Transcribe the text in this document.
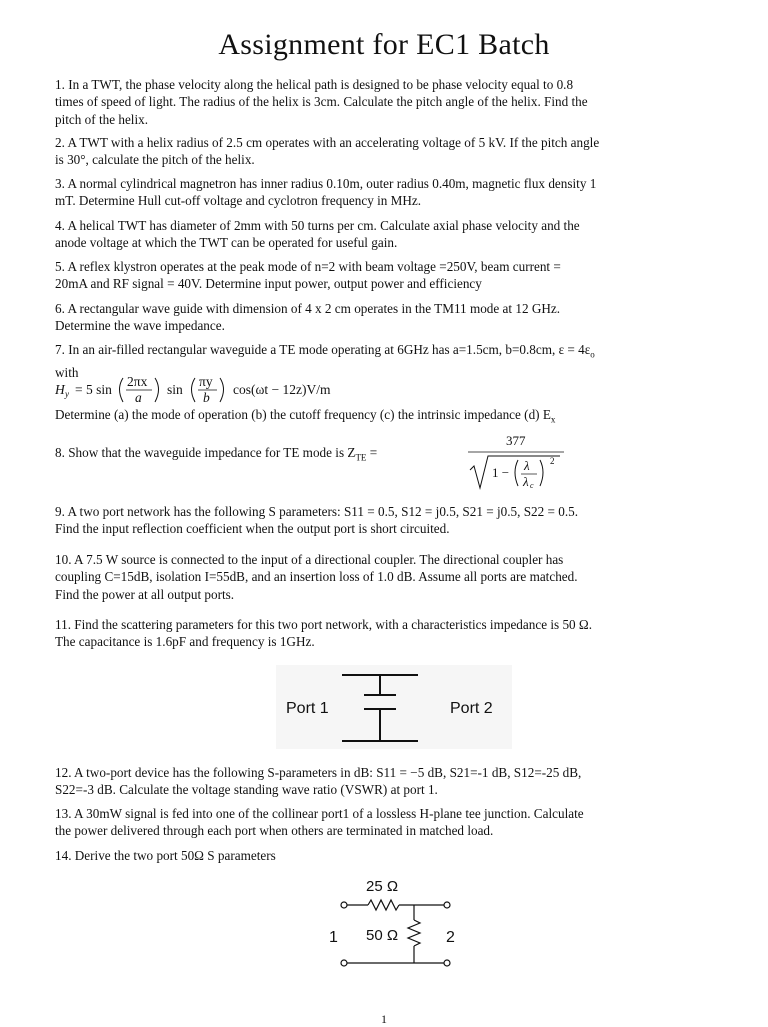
Assignment for EC1 Batch

1. In a TWT, the phase velocity along the helical path is designed to be phase velocity equal to 0.8
times of speed of light. The radius of the helix is 3cm. Calculate the pitch angle of the helix. Find the
pitch of the helix.

2. A TWT with a helix radius of 2.5 cm operates with an accelerating voltage of 5 kV. If the pitch angle
is 30°, calculate the pitch of the helix.

3. A normal cylindrical magnetron has inner radius 0.10m, outer radius 0.40m, magnetic flux density 1
mT. Determine Hull cut-off voltage and cyclotron frequency in MHz.

4. A helical TWT has diameter of 2mm with 50 turns per cm. Calculate axial phase velocity and the
anode voltage at which the TWT can be operated for useful gain.

5. A reflex klystron operates at the peak mode of n=2 with beam voltage =250V, beam current =
20mA and RF signal = 40V. Determine input power, output power and efficiency

6. A rectangular wave guide with dimension of 4 x 2 cm operates in the TM11 mode at 12 GHz.
Determine the wave impedance.

7. In an air-filled rectangular waveguide a TE mode operating at 6GHz has a=1.5cm, b=0.8cm, $\varepsilon = 4\varepsilon_o$
with

H y = 5 sin
2πx
a
sin
πy
b
cos(ωt − 12z)V/m

Determine (a) the mode of operation (b) the cutoff frequency (c) the intrinsic impedance (d) $E_x$

8. Show that the waveguide impedance for TE mode is $Z_{TE}$ =

377
1 − λ
λ c
2

9. A two port network has the following S parameters: S11 = 0.5, S12 = j0.5, S21 = j0.5, S22 = 0.5.
Find the input reflection coefficient when the output port is short circuited.

10. A 7.5 W source is connected to the input of a directional coupler. The directional coupler has
coupling C=15dB, isolation I=55dB, and an insertion loss of 1.0 dB. Assume all ports are matched.
Find the power at all output ports.

11. Find the scattering parameters for this two port network, with a characteristics impedance is 50 Ω.
The capacitance is 1.6pF and frequency is 1GHz.

Port 1	Port 2

12. A two-port device has the following S-parameters in dB: S11 = −5 dB, S21=-1 dB, S12=-25 dB,
S22=-3 dB. Calculate the voltage standing wave ratio (VSWR) at port 1.

13. A 30mW signal is fed into one of the collinear port1 of a lossless H-plane tee junction. Calculate
the power delivered through each port when others are terminated in matched load.

14. Derive the two port 50Ω S parameters

25 Ω
50 Ω
1	2
1
